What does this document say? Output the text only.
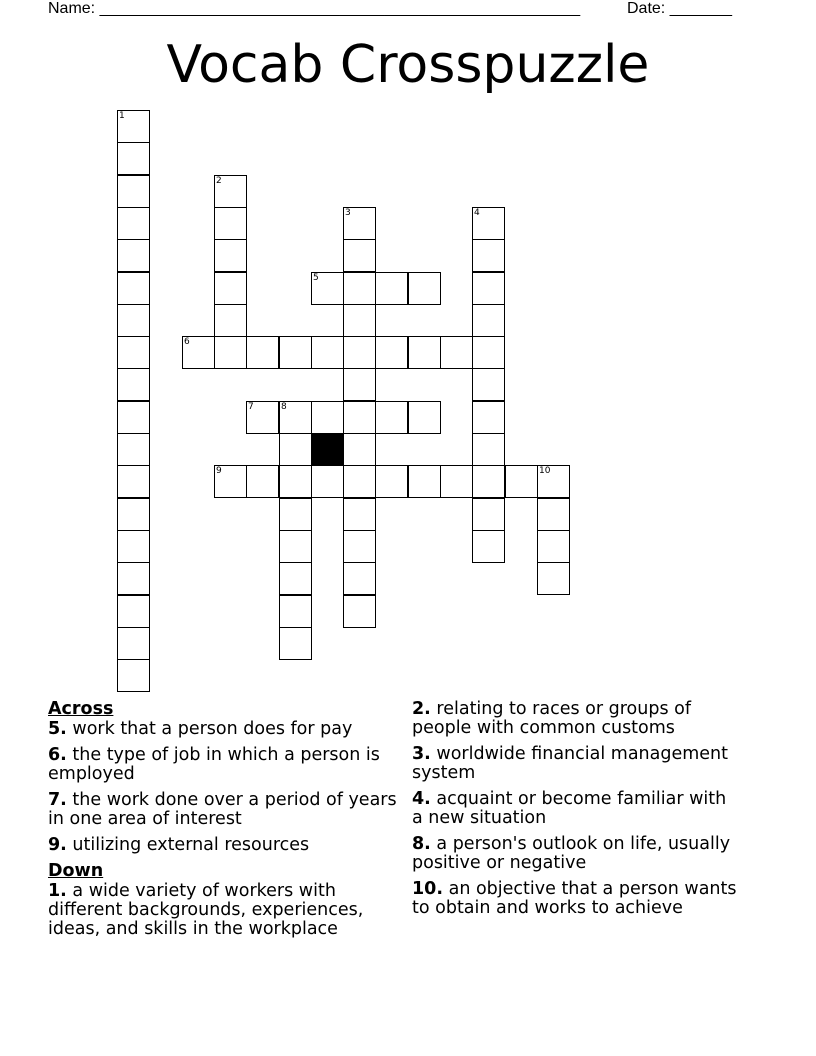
Name: ______________________________________________________	Date: _______
Vocab Crosspuzzle
1
2
3	4
5
6
7	8
9	10
Across
5. work that a person does for pay
6. the type of job in which a person is employed
7. the work done over a period of years in one area of interest
9. utilizing external resources
Down
1. a wide variety of workers with different backgrounds, experiences, ideas, and skills in the workplace
2. relating to races or groups of people with common customs
3. worldwide financial management system
4. acquaint or become familiar with a new situation
8. a person's outlook on life, usually positive or negative
10. an objective that a person wants to obtain and works to achieve
